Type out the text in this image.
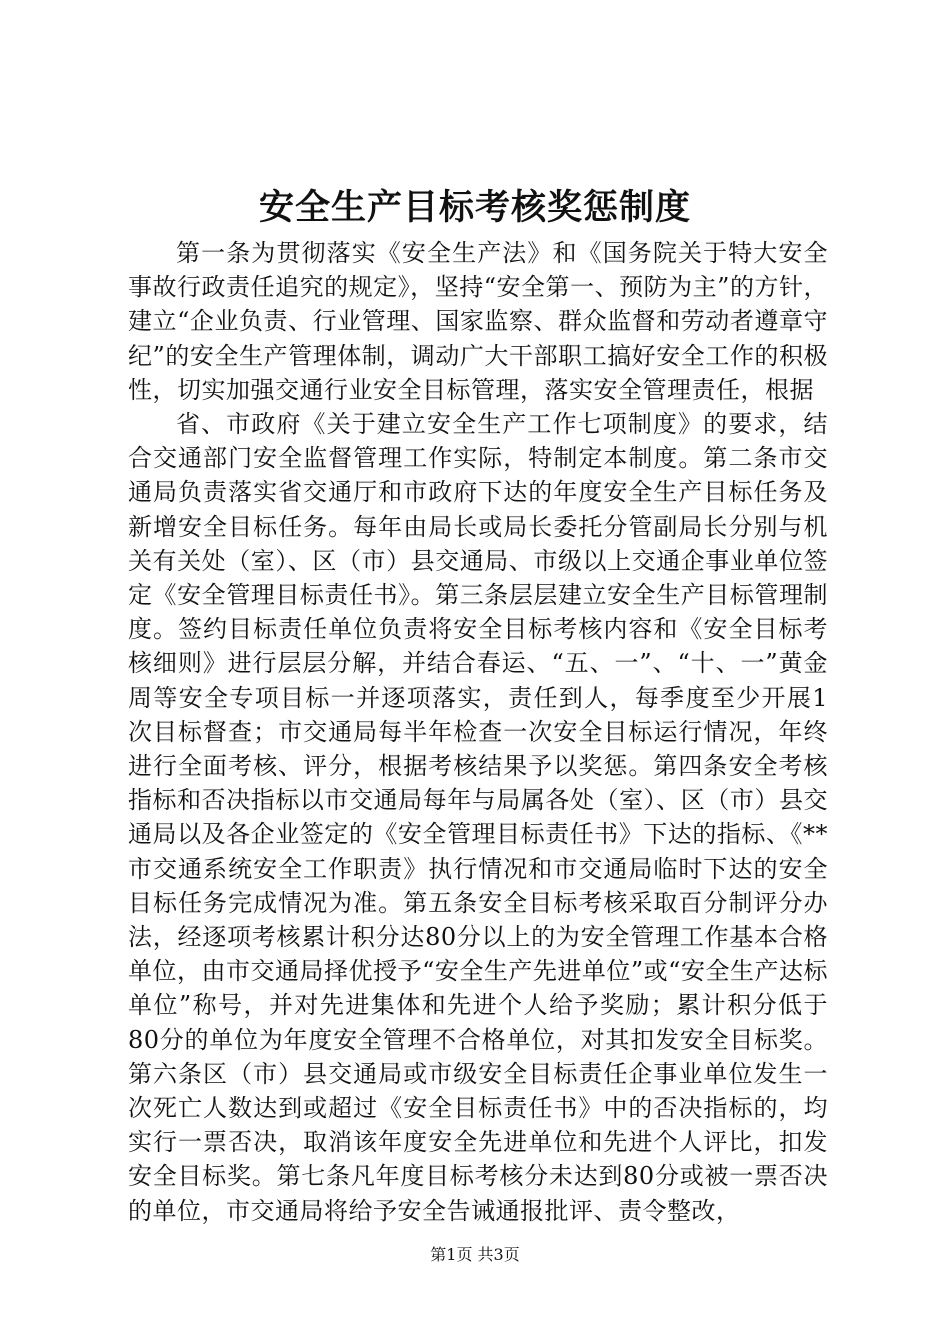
安全生产目标考核奖惩制度

第一条为贯彻落实《安全生产法》和《国务院关于特大安全事故行政责任追究的规定》，坚持“安全第一、预防为主”的方针，建立“企业负责、行业管理、国家监察、群众监督和劳动者遵章守纪”的安全生产管理体制，调动广大干部职工搞好安全工作的积极性，切实加强交通行业安全目标管理，落实安全管理责任，根据

省、市政府《关于建立安全生产工作七项制度》的要求，结合交通部门安全监督管理工作实际，特制定本制度。第二条市交通局负责落实省交通厅和市政府下达的年度安全生产目标任务及新增安全目标任务。每年由局长或局长委托分管副局长分别与机关有关处（室）、区（市）县交通局、市级以上交通企事业单位签定《安全管理目标责任书》。第三条层层建立安全生产目标管理制度。签约目标责任单位负责将安全目标考核内容和《安全目标考核细则》进行层层分解，并结合春运、“五、一”、“十、一”黄金周等安全专项目标一并逐项落实，责任到人，每季度至少开展1次目标督查；市交通局每半年检查一次安全目标运行情况，年终进行全面考核、评分，根据考核结果予以奖惩。第四条安全考核指标和否决指标以市交通局每年与局属各处（室）、区（市）县交通局以及各企业签定的《安全管理目标责任书》下达的指标、《**市交通系统安全工作职责》执行情况和市交通局临时下达的安全目标任务完成情况为准。第五条安全目标考核采取百分制评分办法，经逐项考核累计积分达80分以上的为安全管理工作基本合格单位，由市交通局择优授予“安全生产先进单位”或“安全生产达标单位”称号，并对先进集体和先进个人给予奖励；累计积分低于80分的单位为年度安全管理不合格单位，对其扣发安全目标奖。第六条区（市）县交通局或市级安全目标责任企事业单位发生一次死亡人数达到或超过《安全目标责任书》中的否决指标的，均实行一票否决，取消该年度安全先进单位和先进个人评比，扣发安全目标奖。第七条凡年度目标考核分未达到80分或被一票否决的单位，市交通局将给予安全告诫通报批评、责令整改，

第1页 共3页
